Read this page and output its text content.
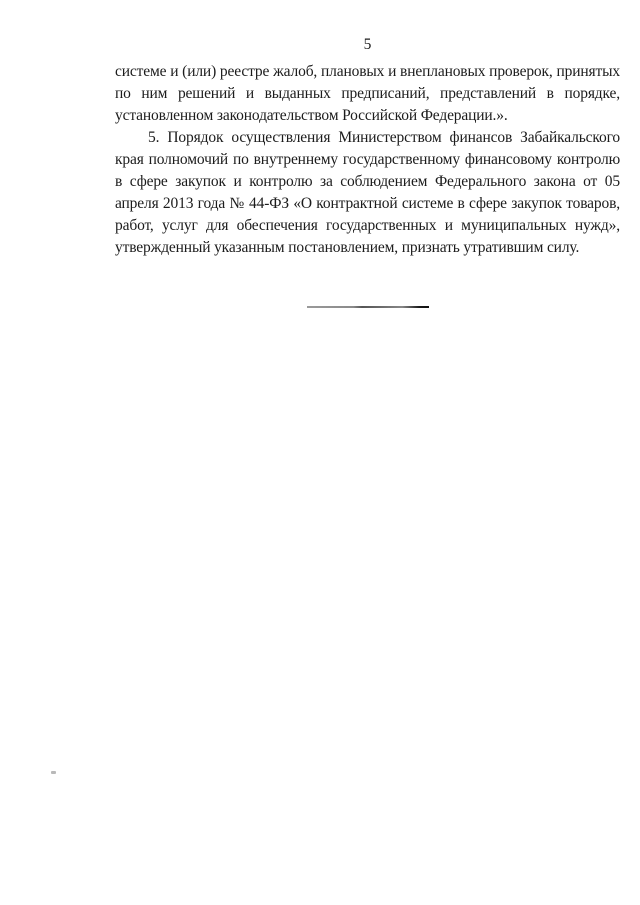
5

системе и (или) реестре жалоб, плановых и внеплановых проверок, принятых по ним решений и выданных предписаний, представлений в порядке, установленном законодательством Российской Федерации.».

5. Порядок осуществления Министерством финансов Забайкальского края полномочий по внутреннему государственному финансовому контролю в сфере закупок и контролю за соблюдением Федерального закона от 05 апреля 2013 года № 44-ФЗ «О контрактной системе в сфере закупок товаров, работ, услуг для обеспечения государственных и муниципальных нужд», утвержденный указанным постановлением, признать утратившим силу.
